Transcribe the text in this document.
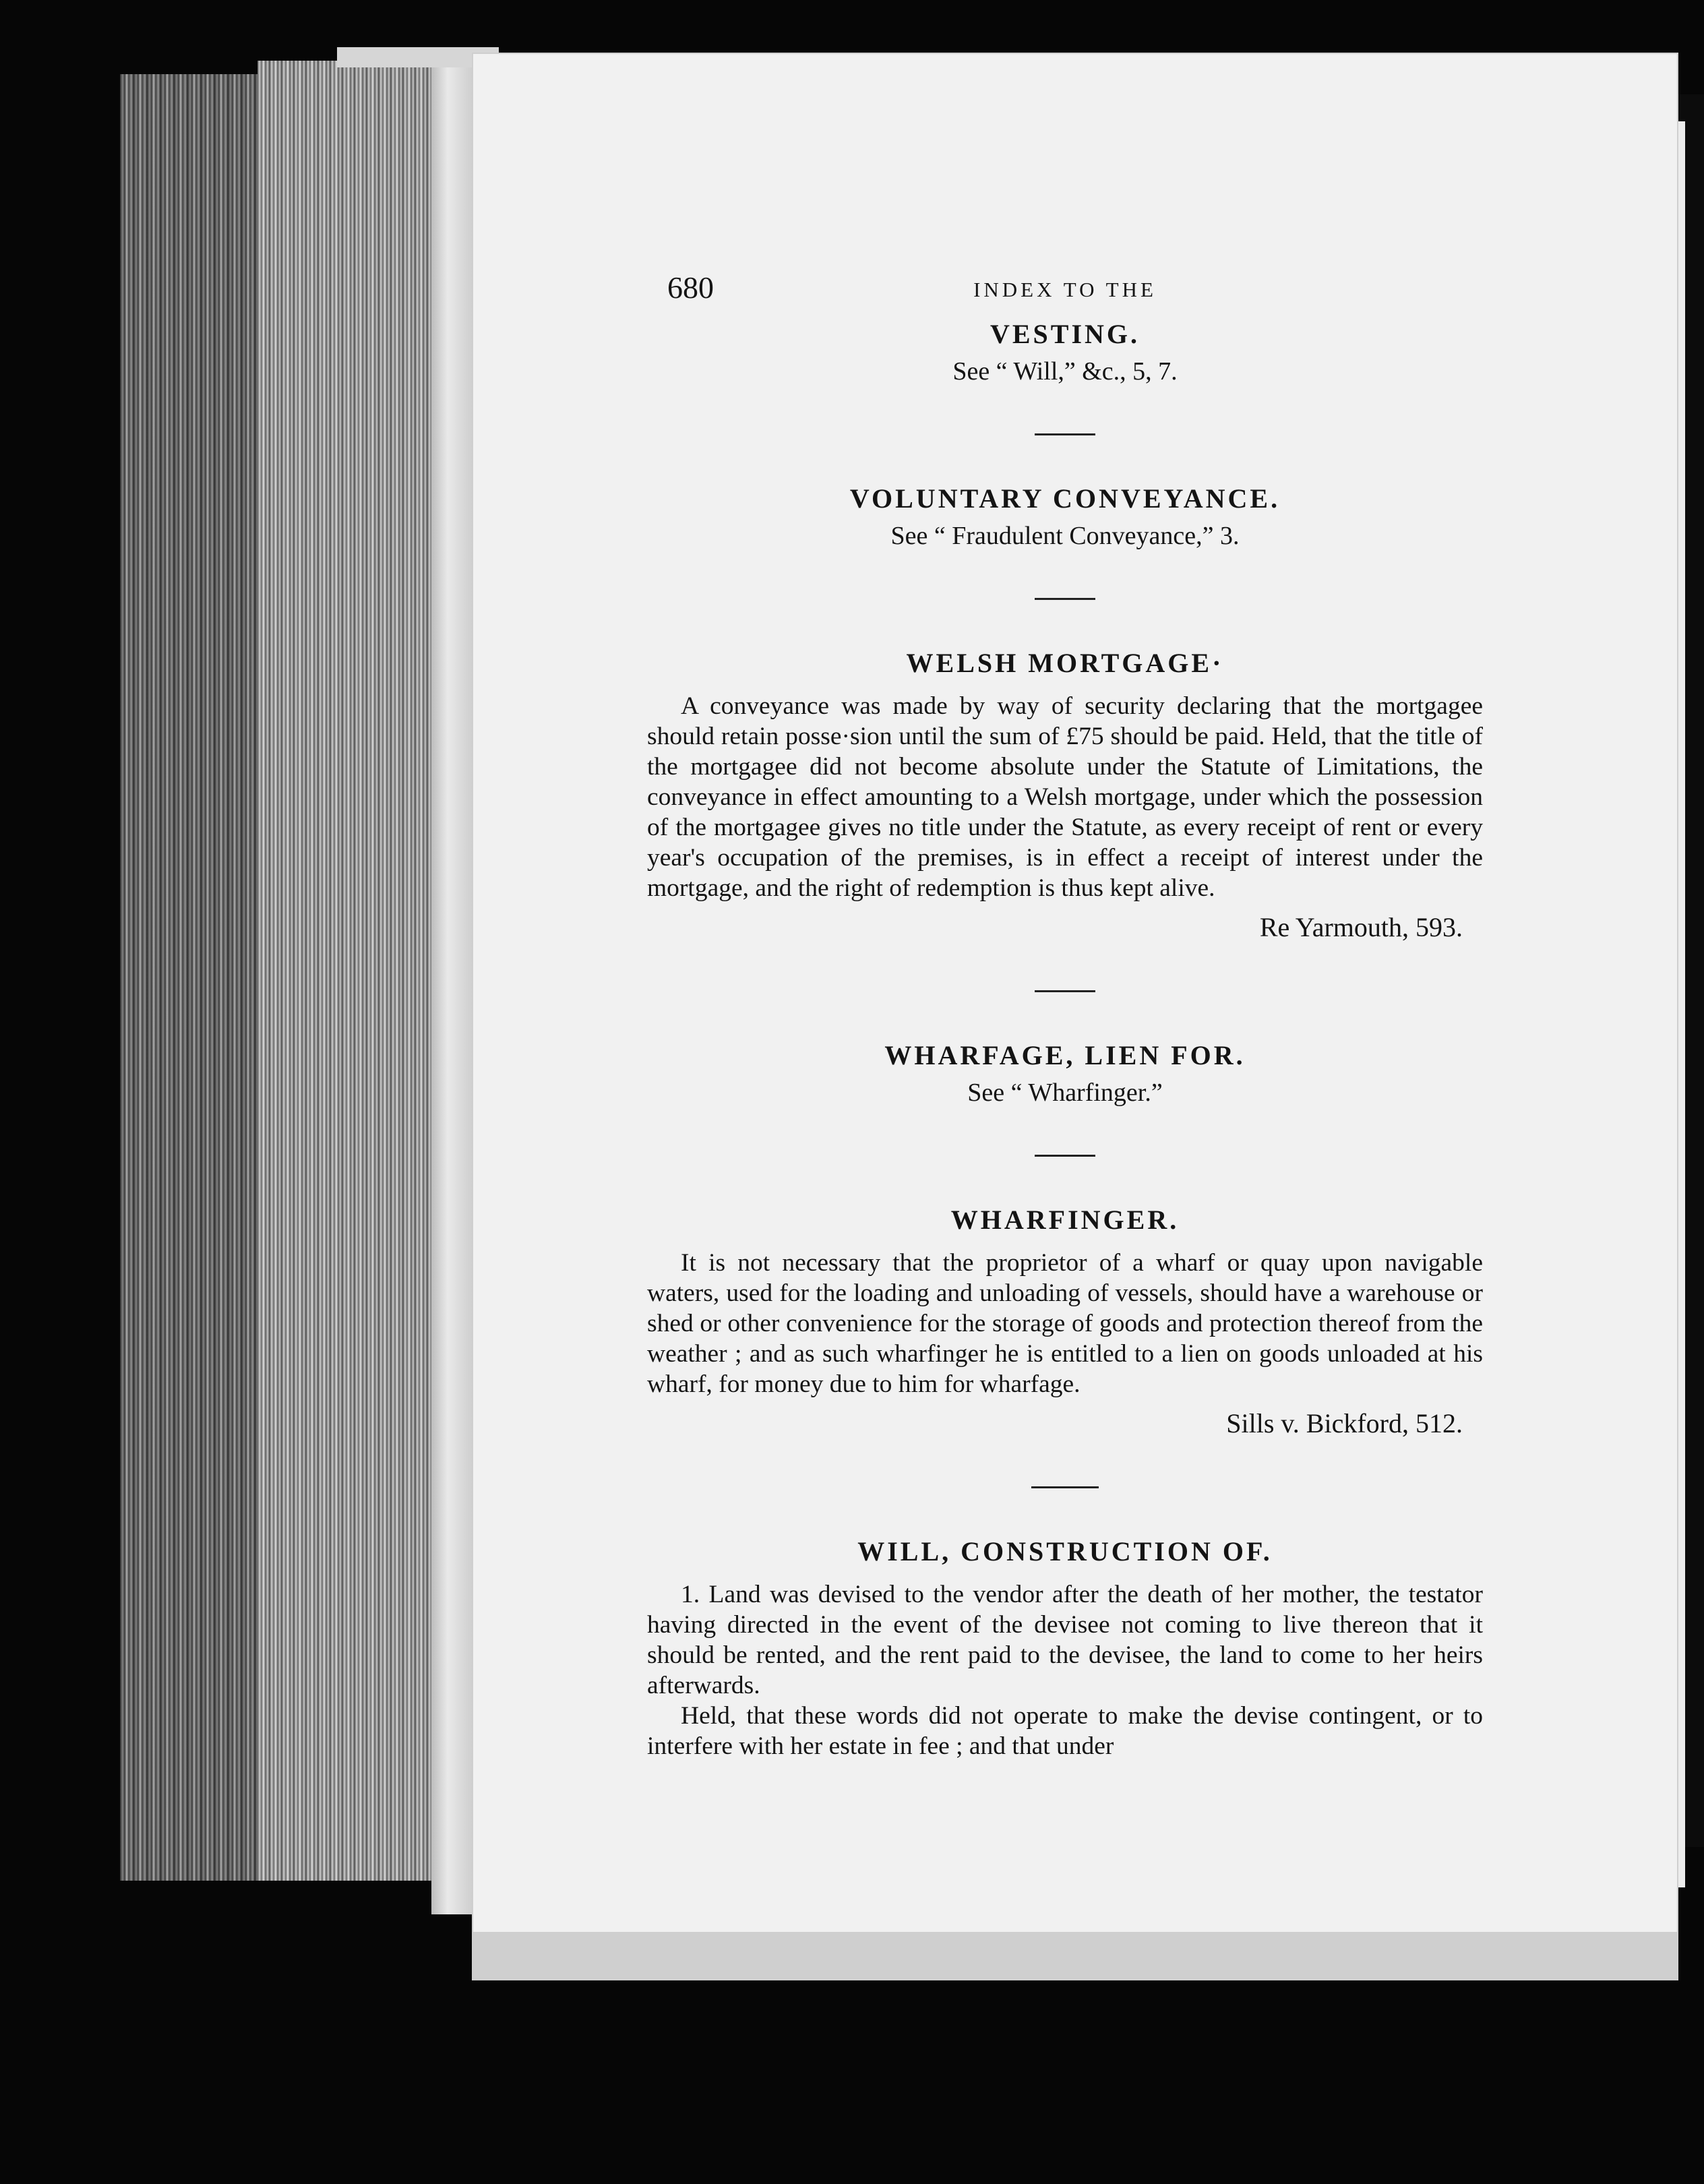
680	INDEX TO THE
VESTING.

See “ Will,” &c., 5, 7.

VOLUNTARY CONVEYANCE.

See “ Fraudulent Conveyance,” 3.

WELSH MORTGAGE·

A conveyance was made by way of security declaring that the mortgagee should retain posse·sion until the sum of £75 should be paid. Held, that the title of the mortgagee did not become absolute under the Statute of Limitations, the conveyance in effect amounting to a Welsh mortgage, under which the possession of the mortgagee gives no title under the Statute, as every receipt of rent or every year's occupation of the premises, is in effect a receipt of interest under the mortgage, and the right of redemption is thus kept alive.

Re Yarmouth, 593.

WHARFAGE, LIEN FOR.

See “ Wharfinger.”

WHARFINGER.

It is not necessary that the proprietor of a wharf or quay upon navigable waters, used for the loading and unloading of vessels, should have a warehouse or shed or other convenience for the storage of goods and protection thereof from the weather ; and as such wharfinger he is entitled to a lien on goods unloaded at his wharf, for money due to him for wharfage.

Sills v. Bickford, 512.

WILL, CONSTRUCTION OF.

1. Land was devised to the vendor after the death of her mother, the testator having directed in the event of the devisee not coming to live thereon that it should be rented, and the rent paid to the devisee, the land to come to her heirs afterwards.

Held, that these words did not operate to make the devise contingent, or to interfere with her estate in fee ; and that under
